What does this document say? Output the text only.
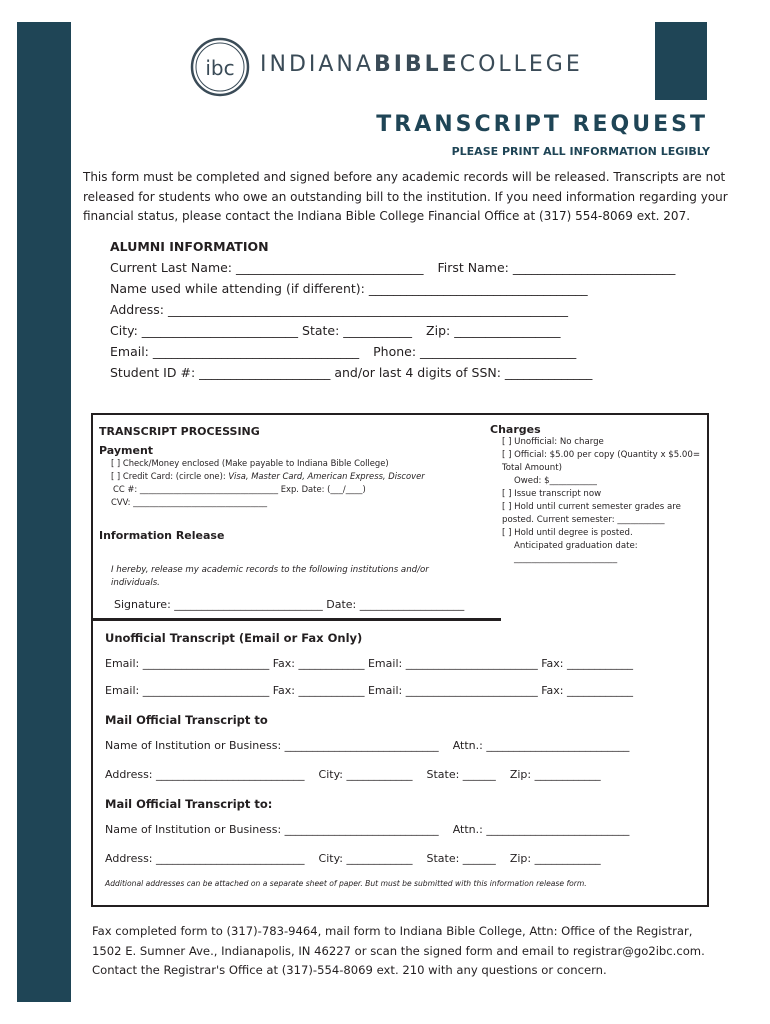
ibc INDIANABIBLECOLLEGE
TRANSCRIPT REQUEST
PLEASE PRINT ALL INFORMATION LEGIBLY
This form must be completed and signed before any academic records will be released. Transcripts are not released for students who owe an outstanding bill to the institution. If you need information regarding your financial status, please contact the Indiana Bible College Financial Office at (317) 554-8069 ext. 207.
ALUMNI INFORMATION
Current Last Name: ______________________________ First Name: __________________________
Name used while attending (if different): ___________________________________
Address: ________________________________________________________________
City: _________________________ State: ___________ Zip: _________________
Email: _________________________________ Phone: _________________________
Student ID #: _____________________ and/or last 4 digits of SSN: ______________
TRANSCRIPT PROCESSING
Payment
[ ] Check/Money enclosed (Make payable to Indiana Bible College)
[ ] Credit Card: (circle one): Visa, Master Card, American Express, Discover
CC #: _________________________________ Exp. Date: (___/____)
CVV: ________________________________
Information Release
I hereby, release my academic records to the following institutions and/or individuals.
Signature: ___________________________ Date: ___________________
Charges
[ ] Unofficial: No charge
[ ] Official: $5.00 per copy (Quantity x $5.00= Total Amount)
Owed: $___________
[ ] Issue transcript now
[ ] Hold until current semester grades are posted. Current semester: ___________
[ ] Hold until degree is posted.
Anticipated graduation date:
________________________
Unofficial Transcript (Email or Fax Only)
Email: _______________________ Fax: ____________ Email: ________________________ Fax: ____________
Email: _______________________ Fax: ____________ Email: ________________________ Fax: ____________
Mail Official Transcript to
Name of Institution or Business: ____________________________ Attn.: __________________________
Address: ___________________________ City: ____________ State: ______ Zip: ____________
Mail Official Transcript to:
Name of Institution or Business: ____________________________ Attn.: __________________________
Address: ___________________________ City: ____________ State: ______ Zip: ____________
Additional addresses can be attached on a separate sheet of paper. But must be submitted with this information release form.
Fax completed form to (317)-783-9464, mail form to Indiana Bible College, Attn: Office of the Registrar, 1502 E. Sumner Ave., Indianapolis, IN 46227 or scan the signed form and email to registrar@go2ibc.com. Contact the Registrar's Office at (317)-554-8069 ext. 210 with any questions or concern.
